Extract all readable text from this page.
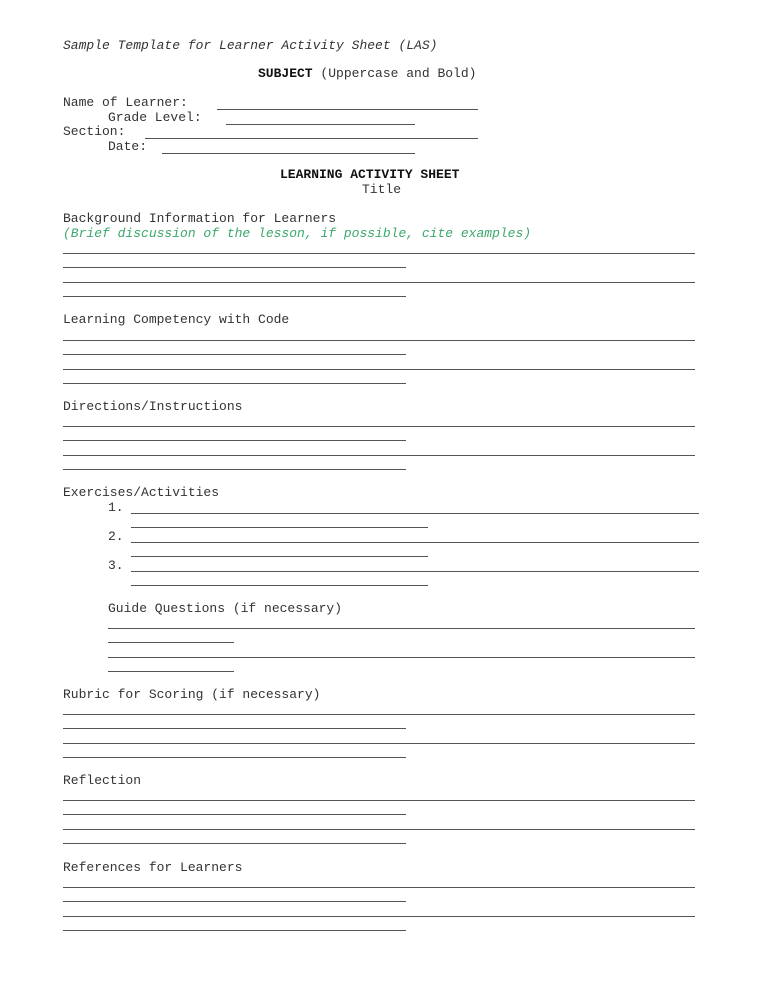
Sample Template for Learner Activity Sheet (LAS)
SUBJECT (Uppercase and Bold)
Name of Learner:
Grade Level:
Section:
Date:
LEARNING ACTIVITY SHEET
Title
Background Information for Learners
(Brief discussion of the lesson, if possible, cite examples)
Learning Competency with Code
Directions/Instructions
Exercises/Activities
1.
2.
3.
Guide Questions (if necessary)
Rubric for Scoring (if necessary)
Reflection
References for Learners
